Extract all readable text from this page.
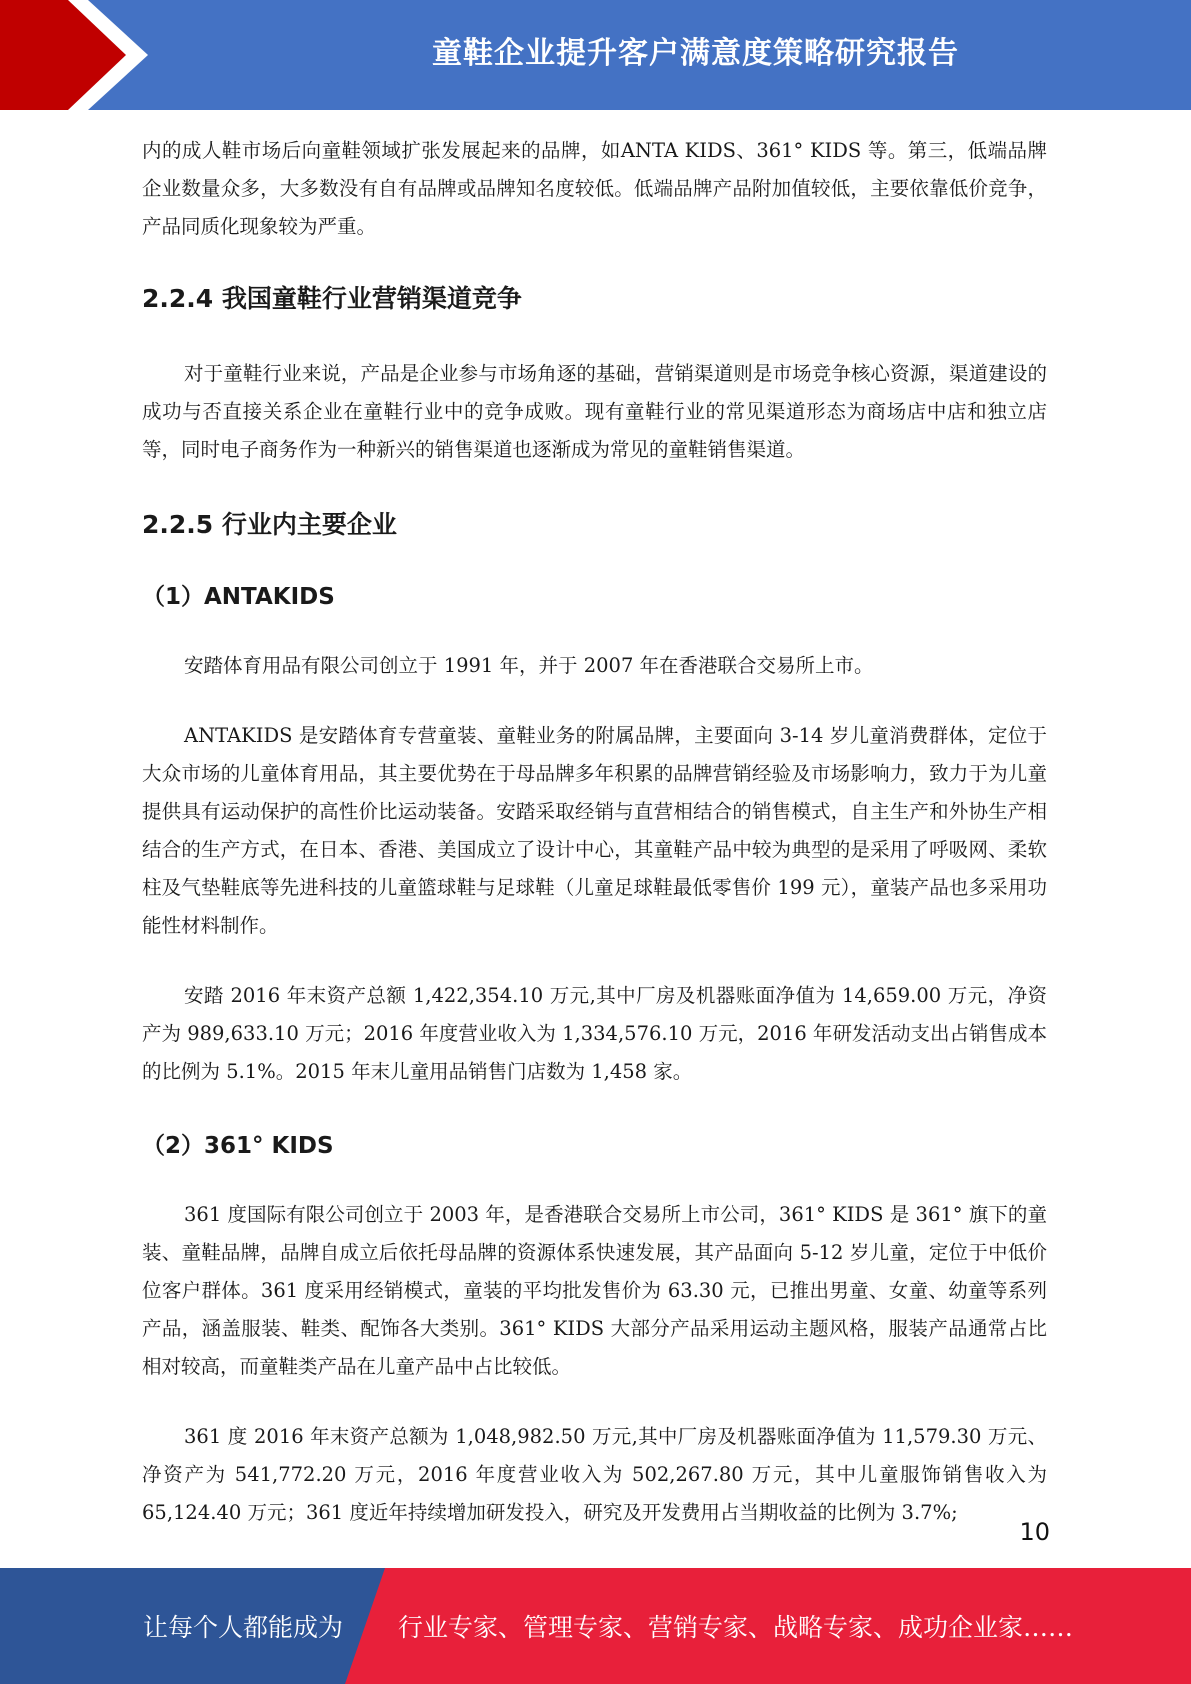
童鞋企业提升客户满意度策略研究报告

内的成人鞋市场后向童鞋领域扩张发展起来的品牌，如ANTA KIDS、361° KIDS 等。第三，低端品牌企业数量众多，大多数没有自有品牌或品牌知名度较低。低端品牌产品附加值较低，主要依靠低价竞争，产品同质化现象较为严重。

2.2.4 我国童鞋行业营销渠道竞争

对于童鞋行业来说，产品是企业参与市场角逐的基础，营销渠道则是市场竞争核心资源，渠道建设的成功与否直接关系企业在童鞋行业中的竞争成败。现有童鞋行业的常见渠道形态为商场店中店和独立店等，同时电子商务作为一种新兴的销售渠道也逐渐成为常见的童鞋销售渠道。

2.2.5 行业内主要企业
（1）ANTAKIDS

安踏体育用品有限公司创立于 1991 年，并于 2007 年在香港联合交易所上市。

ANTAKIDS 是安踏体育专营童装、童鞋业务的附属品牌，主要面向 3-14 岁儿童消费群体，定位于大众市场的儿童体育用品，其主要优势在于母品牌多年积累的品牌营销经验及市场影响力，致力于为儿童提供具有运动保护的高性价比运动装备。安踏采取经销与直营相结合的销售模式，自主生产和外协生产相结合的生产方式，在日本、香港、美国成立了设计中心，其童鞋产品中较为典型的是采用了呼吸网、柔软柱及气垫鞋底等先进科技的儿童篮球鞋与足球鞋（儿童足球鞋最低零售价 199 元），童装产品也多采用功能性材料制作。

安踏 2016 年末资产总额 1,422,354.10 万元,其中厂房及机器账面净值为 14,659.00 万元，净资产为 989,633.10 万元；2016 年度营业收入为 1,334,576.10 万元，2016 年研发活动支出占销售成本的比例为 5.1%。2015 年末儿童用品销售门店数为 1,458 家。

（2）361° KIDS

361 度国际有限公司创立于 2003 年，是香港联合交易所上市公司，361° KIDS 是 361° 旗下的童装、童鞋品牌，品牌自成立后依托母品牌的资源体系快速发展，其产品面向 5-12 岁儿童，定位于中低价位客户群体。361 度采用经销模式，童装的平均批发售价为 63.30 元，已推出男童、女童、幼童等系列产品，涵盖服装、鞋类、配饰各大类别。361° KIDS 大部分产品采用运动主题风格，服装产品通常占比相对较高，而童鞋类产品在儿童产品中占比较低。

361 度 2016 年末资产总额为 1,048,982.50 万元,其中厂房及机器账面净值为 11,579.30 万元、净资产为 541,772.20 万元，2016 年度营业收入为 502,267.80 万元，其中儿童服饰销售收入为 65,124.40 万元；361 度近年持续增加研发投入，研究及开发费用占当期收益的比例为 3.7%;

10
让每个人都能成为 行业专家、管理专家、营销专家、战略专家、成功企业家……
